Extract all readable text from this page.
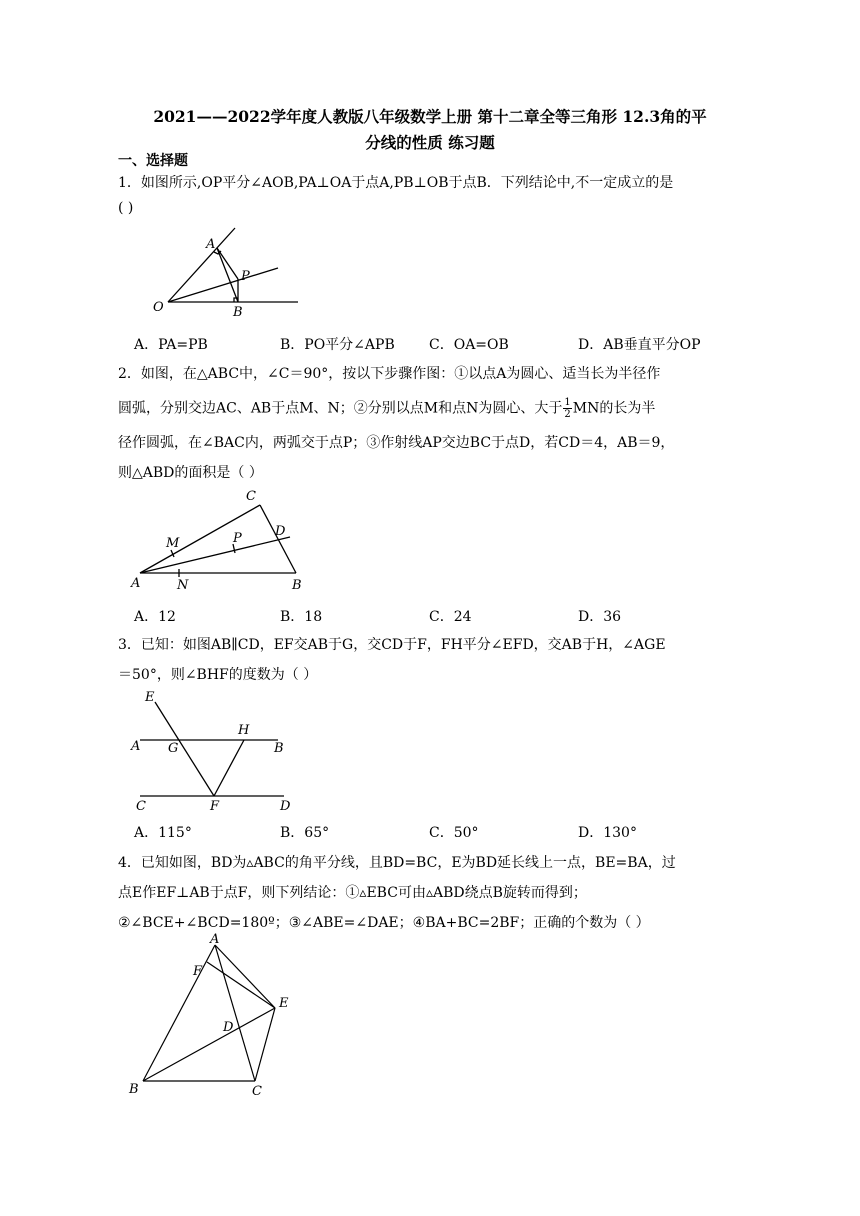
2021——2022学年度人教版八年级数学上册 第十二章全等三角形 12.3角的平
分线的性质 练习题
一、选择题
1．如图所示,OP平分∠AOB,PA⊥OA于点A,PB⊥OB于点B．下列结论中,不一定成立的是
( )
A
P
O	B
A．PA=PB	B．PO平分∠APB C．OA=OB	D．AB垂直平分OP
2．如图，在△ABC中，∠C＝90°，按以下步骤作图：①以点A为圆心、适当长为半径作
圆弧，分别交边AC、AB于点M、N；②分别以点M和点N为圆心、大于 $\frac{1}{2}$ MN的长为半
径作圆弧，在∠BAC内，两弧交于点P；③作射线AP交边BC于点D，若CD＝4，AB＝9，
则△ABD的面积是（ ）
C
D
M	P
A	N	B
A．12	B．18	C．24	D．36
3．已知：如图AB∥CD，EF交AB于G，交CD于F，FH平分∠EFD，交AB于H，∠AGE
＝50°，则∠BHF的度数为（ ）
E
H
A G	B
C	F	D
A．115°	B．65°	C．50°	D．130°
4．已知如图，BD为▵ABC的角平分线，且BD=BC，E为BD延长线上一点，BE=BA，过
点E作EF⊥AB于点F，则下列结论：①▵EBC可由▵ABD绕点B旋转而得到；
②∠BCE+∠BCD=180º；③∠ABE=∠DAE；④BA+BC=2BF；正确的个数为（ ）
A
F
E
D
B	C
